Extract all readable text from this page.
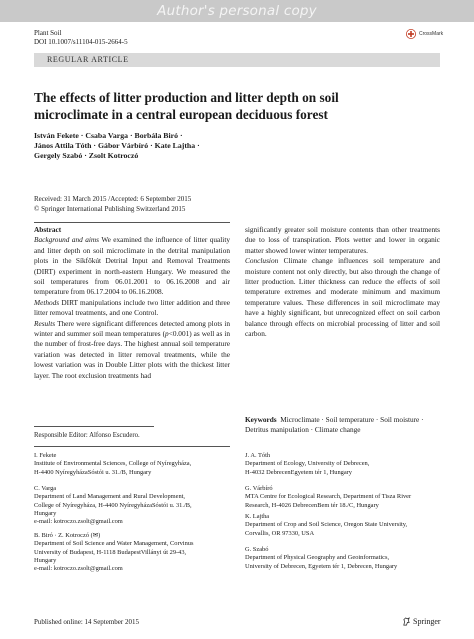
Author's personal copy
Plant Soil
DOI 10.1007/s11104-015-2664-5
CrossMark
REGULAR ARTICLE
The effects of litter production and litter depth on soil microclimate in a central european deciduous forest
István Fekete · Csaba Varga · Borbála Biró ·
János Attila Tóth · Gábor Várbíró · Kate Lajtha ·
Gergely Szabó · Zsolt Kotroczó
Received: 31 March 2015 /Accepted: 6 September 2015
© Springer International Publishing Switzerland 2015
Abstract

Background and aims We examined the influence of litter quality and litter depth on soil microclimate in the detrital manipulation plots in the Síkfőkút Detrital Input and Removal Treatments (DIRT) experiment in north-eastern Hungary. We measured the soil temperatures from 06.01.2001 to 06.16.2008 and air temperature from 06.17.2004 to 06.16.2008.

Methods DIRT manipulations include two litter addition and three litter removal treatments, and one Control.

Results There were significant differences detected among plots in winter and summer soil mean temperatures (p<0.001) as well as in the number of frost-free days. The highest annual soil temperature variation was detected in litter removal treatments, while the lowest variation was in Double Litter plots with the thickest litter layer. The root exclusion treatments had

significantly greater soil moisture contents than other treatments due to loss of transpiration. Plots wetter and lower in organic matter showed lower winter temperatures.

Conclusion Climate change influences soil temperature and moisture content not only directly, but also through the change of litter production. Litter thickness can reduce the effects of soil temperature extremes and moderate minimum and maximum temperature values. These differences in soil microclimate may have a highly significant, but unrecognized effect on soil carbon balance through effects on microbial processing of litter and soil carbon.

Keywords Microclimate · Soil temperature · Soil moisture · Detritus manipulation · Climate change
Responsible Editor: Alfonso Escudero.
I. Fekete
Institute of Environmental Sciences, College of Nyíregyháza,
H-4400 NyíregyházaSóstói u. 31./B, Hungary
C. Varga
Department of Land Management and Rural Development,
College of Nyíregyháza, H-4400 NyíregyházaSóstói u. 31./B,
Hungary
e-mail: kotroczo.zsolt@gmail.com
B. Biró · Z. Kotroczó (✉)
Department of Soil Science and Water Management, Corvinus
University of Budapest, H-1118 BudapestVillányi út 29-43,
Hungary
e-mail: kotroczo.zsolt@gmail.com
J. A. Tóth
Department of Ecology, University of Debrecen,
H-4032 DebrecenEgyetem tér 1, Hungary
G. Várbíró
MTA Centre for Ecological Research, Department of Tisza River
Research, H-4026 DebrecenBem tér 18./C, Hungary
K. Lajtha
Department of Crop and Soil Science, Oregon State University,
Corvallis, OR 97330, USA
G. Szabó
Department of Physical Geography and Geoinformatics,
University of Debrecen, Egyetem tér 1, Debrecen, Hungary
Published online: 14 September 2015	Springer
